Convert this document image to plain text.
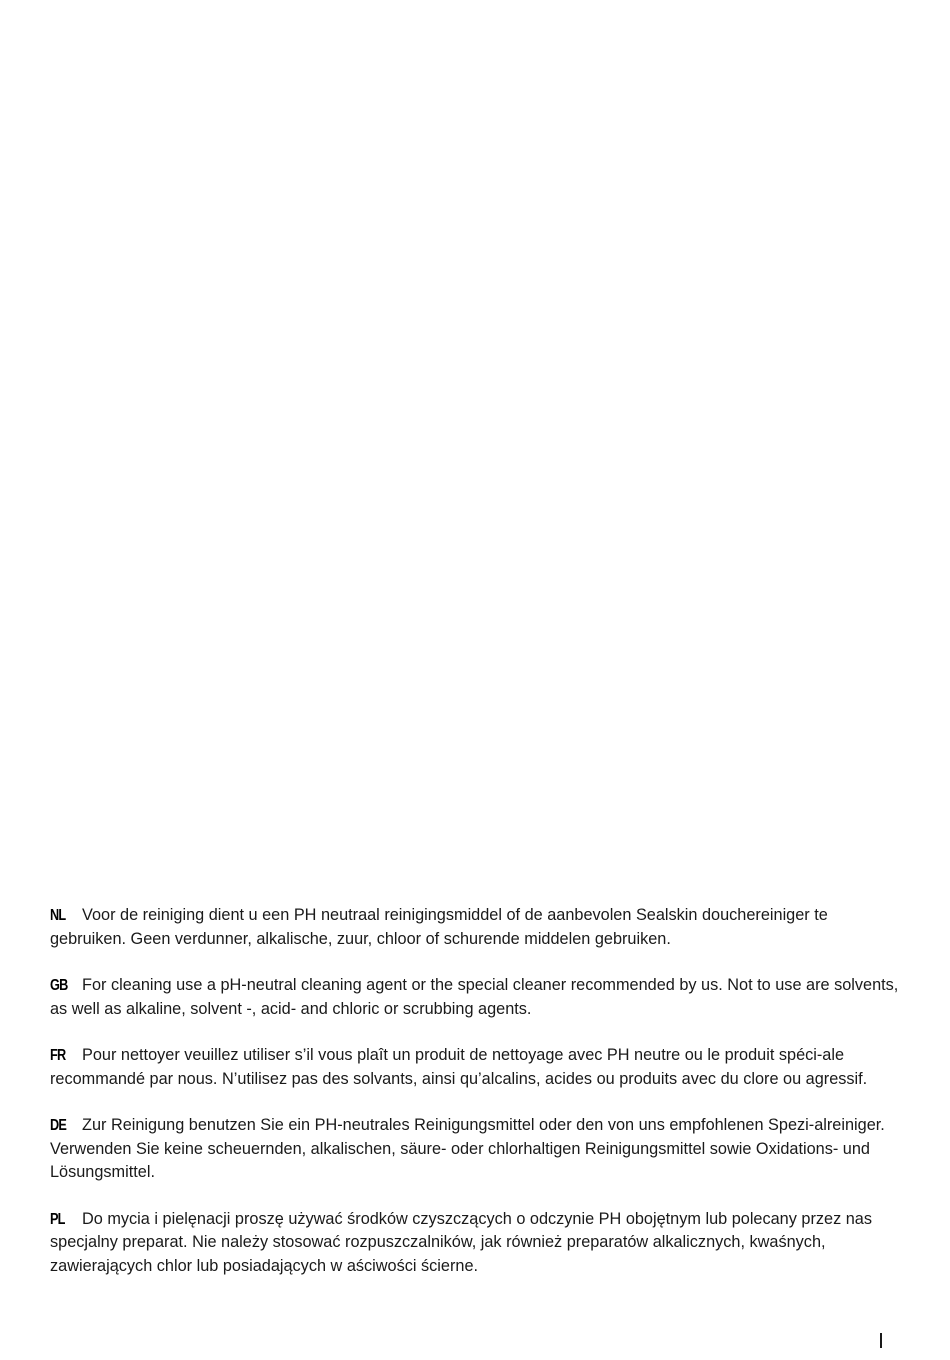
NL Voor de reiniging dient u een PH neutraal reinigingsmiddel of de aanbevolen Sealskin douchereiniger te gebruiken. Geen verdunner, alkalische, zuur, chloor of schurende middelen gebruiken.

GB For cleaning use a pH-neutral cleaning agent or the special cleaner recommended by us. Not to use are solvents, as well as alkaline, solvent -, acid- and chloric or scrubbing agents.

FR Pour nettoyer veuillez utiliser s’il vous plaît un produit de nettoyage avec PH neutre ou le produit spéci-ale recommandé par nous. N’utilisez pas des solvants, ainsi qu’alcalins, acides ou produits avec du clore ou agressif.

DE Zur Reinigung benutzen Sie ein PH-neutrales Reinigungsmittel oder den von uns empfohlenen Spezi-alreiniger. Verwenden Sie keine scheuernden, alkalischen, säure- oder chlorhaltigen Reinigungsmittel sowie Oxidations- und Lösungsmittel.

PL Do mycia i pielęnacji proszę używać środków czyszczących o odczynie PH obojętnym lub polecany przez nas specjalny preparat. Nie należy stosować rozpuszczalników, jak również preparatów alkalicznych, kwaśnych, zawierających chlor lub posiadających w aściwości ścierne.
